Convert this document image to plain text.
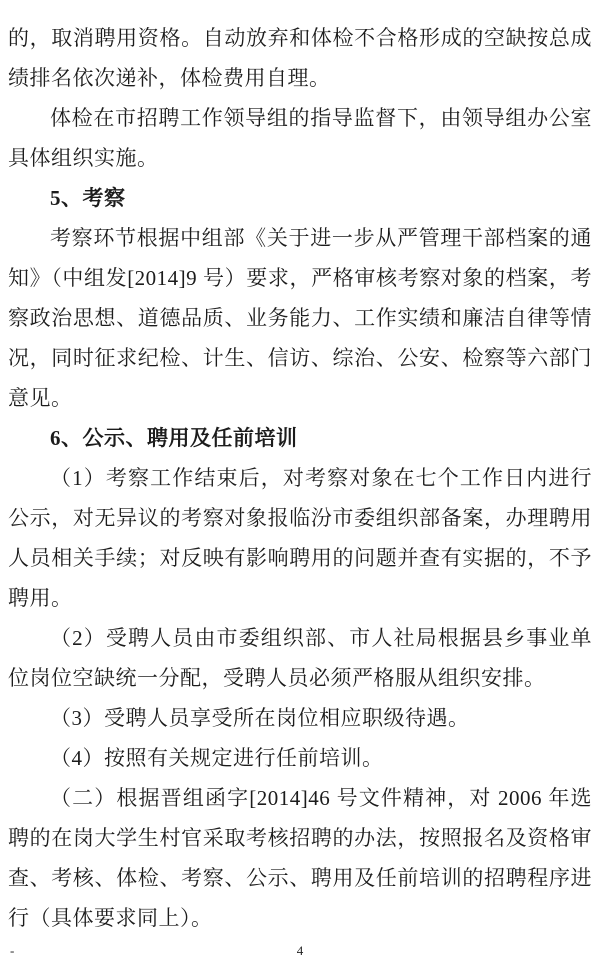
的，取消聘用资格。自动放弃和体检不合格形成的空缺按总成绩排名依次递补，体检费用自理。

体检在市招聘工作领导组的指导监督下，由领导组办公室具体组织实施。

5、考察

考察环节根据中组部《关于进一步从严管理干部档案的通知》（中组发[2014]9 号）要求，严格审核考察对象的档案，考察政治思想、道德品质、业务能力、工作实绩和廉洁自律等情况，同时征求纪检、计生、信访、综治、公安、检察等六部门意见。

6、公示、聘用及任前培训

（1）考察工作结束后，对考察对象在七个工作日内进行公示，对无异议的考察对象报临汾市委组织部备案，办理聘用人员相关手续；对反映有影响聘用的问题并查有实据的，不予聘用。

（2）受聘人员由市委组织部、市人社局根据县乡事业单位岗位空缺统一分配，受聘人员必须严格服从组织安排。

（3）受聘人员享受所在岗位相应职级待遇。

（4）按照有关规定进行任前培训。

（二）根据晋组函字[2014]46 号文件精神，对 2006 年选聘的在岗大学生村官采取考核招聘的办法，按照报名及资格审查、考核、体检、考察、公示、聘用及任前培训的招聘程序进行（具体要求同上）。

-	4
